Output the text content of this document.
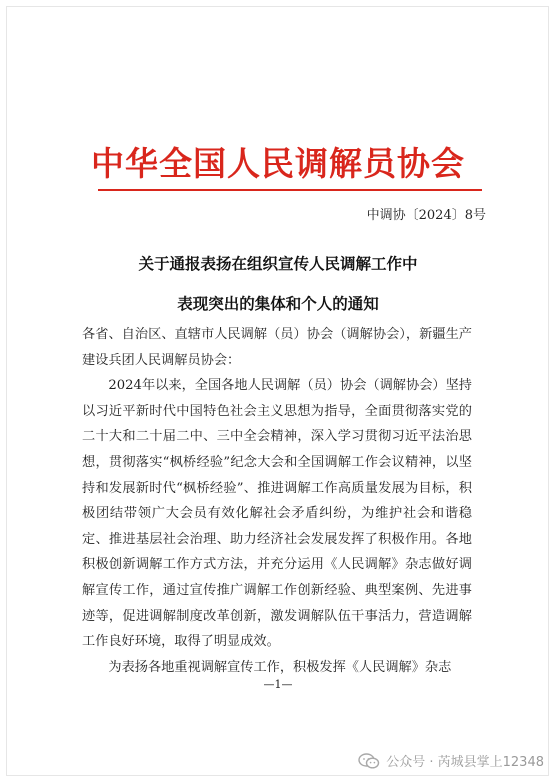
中华全国人民调解员协会
中调协〔2024〕8号
关于通报表扬在组织宣传人民调解工作中
表现突出的集体和个人的通知
—1—

各省、自治区、直辖市人民调解（员）协会（调解协会），新疆生产建设兵团人民调解员协会：

2024年以来，全国各地人民调解（员）协会（调解协会）坚持以习近平新时代中国特色社会主义思想为指导，全面贯彻落实党的二十大和二十届二中、三中全会精神，深入学习贯彻习近平法治思想，贯彻落实“枫桥经验”纪念大会和全国调解工作会议精神，以坚持和发展新时代“枫桥经验”、推进调解工作高质量发展为目标，积极团结带领广大会员有效化解社会矛盾纠纷，为维护社会和谐稳定、推进基层社会治理、助力经济社会发展发挥了积极作用。各地积极创新调解工作方式方法，并充分运用《人民调解》杂志做好调解宣传工作，通过宣传推广调解工作创新经验、典型案例、先进事迹等，促进调解制度改革创新，激发调解队伍干事活力，营造调解工作良好环境，取得了明显成效。

为表扬各地重视调解宣传工作，积极发挥《人民调解》杂志

公众号 · 芮城县掌上12348
